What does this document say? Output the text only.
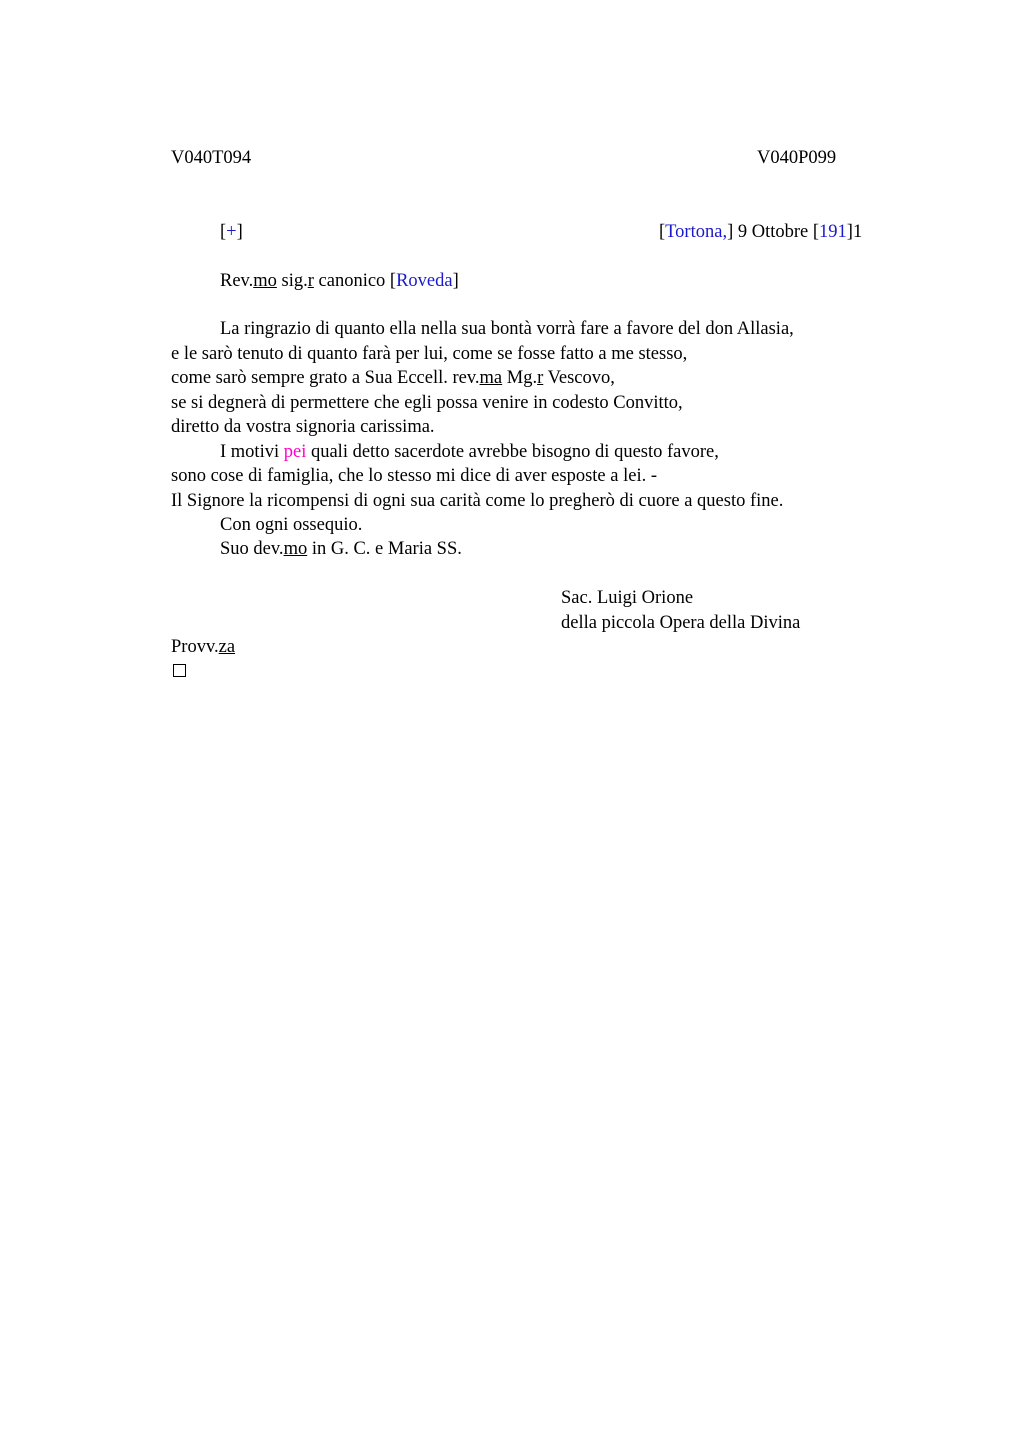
V040T094	V040P099
[+]	[Tortona,] 9 Ottobre [191]1
Rev.mo sig.r canonico [Roveda]
La ringrazio di quanto ella nella sua bontà vorrà fare a favore del don Allasia,
e le sarò tenuto di quanto farà per lui, come se fosse fatto a me stesso,
come sarò sempre grato a Sua Eccell. rev.ma Mg.r Vescovo,
se si degnerà di permettere che egli possa venire in codesto Convitto,
diretto da vostra signoria carissima.
I motivi pei quali detto sacerdote avrebbe bisogno di questo favore,
sono cose di famiglia, che lo stesso mi dice di aver esposte a lei. -
Il Signore la ricompensi di ogni sua carità come lo pregherò di cuore a questo fine.
Con ogni ossequio.
Suo dev.mo in G. C. e Maria SS.
Sac. Luigi Orione
della piccola Opera della Divina
Provv.za
